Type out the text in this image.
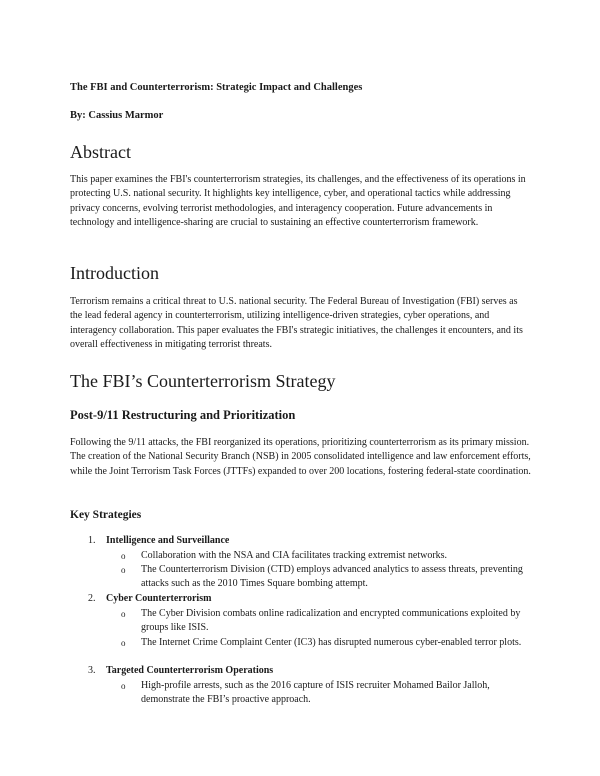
The FBI and Counterterrorism: Strategic Impact and Challenges
By: Cassius Marmor
Abstract

This paper examines the FBI's counterterrorism strategies, its challenges, and the effectiveness of its operations in protecting U.S. national security. It highlights key intelligence, cyber, and operational tactics while addressing privacy concerns, evolving terrorist methodologies, and interagency cooperation. Future advancements in technology and intelligence-sharing are crucial to sustaining an effective counterterrorism framework.

Introduction

Terrorism remains a critical threat to U.S. national security. The Federal Bureau of Investigation (FBI) serves as the lead federal agency in counterterrorism, utilizing intelligence-driven strategies, cyber operations, and interagency collaboration. This paper evaluates the FBI's strategic initiatives, the challenges it encounters, and its overall effectiveness in mitigating terrorist threats.

The FBI’s Counterterrorism Strategy
Post-9/11 Restructuring and Prioritization

Following the 9/11 attacks, the FBI reorganized its operations, prioritizing counterterrorism as its primary mission. The creation of the National Security Branch (NSB) in 2005 consolidated intelligence and law enforcement efforts, while the Joint Terrorism Task Forces (JTTFs) expanded to over 200 locations, fostering federal-state coordination.

Key Strategies
1. Intelligence and Surveillance
o Collaboration with the NSA and CIA facilitates tracking extremist networks.
o The Counterterrorism Division (CTD) employs advanced analytics to assess threats, preventing attacks such as the 2010 Times Square bombing attempt.
2. Cyber Counterterrorism
o The Cyber Division combats online radicalization and encrypted communications exploited by groups like ISIS.
o The Internet Crime Complaint Center (IC3) has disrupted numerous cyber-enabled terror plots.
3. Targeted Counterterrorism Operations
o High-profile arrests, such as the 2016 capture of ISIS recruiter Mohamed Bailor Jalloh, demonstrate the FBI’s proactive approach.
